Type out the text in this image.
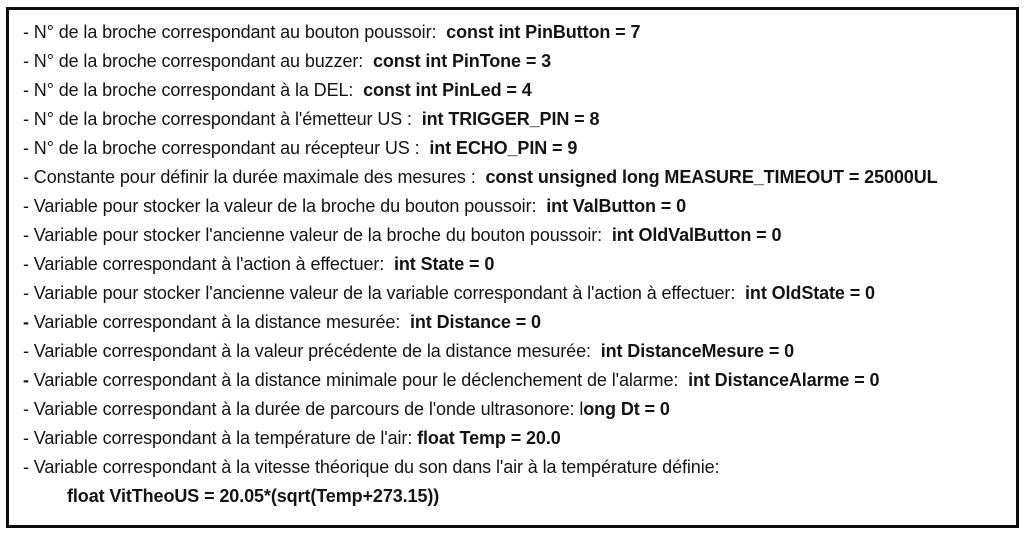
- N° de la broche correspondant au bouton poussoir:  const int PinButton = 7
- N° de la broche correspondant au buzzer:  const int PinTone = 3
- N° de la broche correspondant à la DEL:  const int PinLed = 4
- N° de la broche correspondant à l'émetteur US :  int TRIGGER_PIN = 8
- N° de la broche correspondant au récepteur US :  int ECHO_PIN = 9
- Constante pour définir la durée maximale des mesures :  const unsigned long MEASURE_TIMEOUT = 25000UL
- Variable pour stocker la valeur de la broche du bouton poussoir:  int ValButton = 0
- Variable pour stocker l'ancienne valeur de la broche du bouton poussoir:  int OldValButton = 0
- Variable correspondant à l'action à effectuer:  int State = 0
- Variable pour stocker l'ancienne valeur de la variable correspondant à l'action à effectuer:  int OldState = 0
- Variable correspondant à la distance mesurée:  int Distance = 0
- Variable correspondant à la valeur précédente de la distance mesurée:  int DistanceMesure = 0
- Variable correspondant à la distance minimale pour le déclenchement de l'alarme:  int DistanceAlarme = 0
- Variable correspondant à la durée de parcours de l'onde ultrasonore: long Dt = 0
- Variable correspondant à la température de l'air: float Temp = 20.0
- Variable correspondant à la vitesse théorique du son dans l'air à la température définie:
float VitTheoUS = 20.05*(sqrt(Temp+273.15))
